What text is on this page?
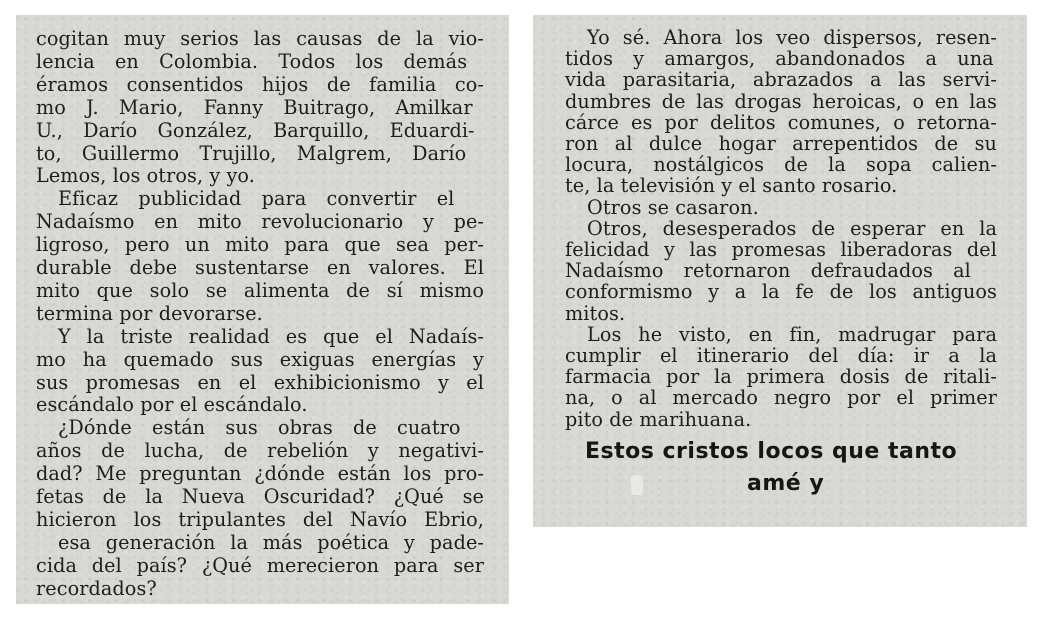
cogitan muy serios las causas de la vio-
lencia en Colombia. Todos los demás
éramos consentidos hijos de familia co-
mo J. Mario, Fanny Buitrago, Amilkar
U., Darío González, Barquillo, Eduardi-
to, Guillermo Trujillo, Malgrem, Darío
Lemos, los otros, y yo.
Eficaz publicidad para convertir el
Nadaísmo en mito revolucionario y pe-
ligroso, pero un mito para que sea per-
durable debe sustentarse en valores. El
mito que solo se alimenta de sí mismo
termina por devorarse.
Y la triste realidad es que el Nadaís-
mo ha quemado sus exiguas energías y
sus promesas en el exhibicionismo y el
escándalo por el escándalo.
¿Dónde están sus obras de cuatro
años de lucha, de rebelión y negativi-
dad? Me preguntan ¿dónde están los pro-
fetas de la Nueva Oscuridad? ¿Qué se
hicieron los tripulantes del Navío Ebrio,
esa generación la más poética y pade-
cida del país? ¿Qué merecieron para ser
recordados?
Yo sé. Ahora los veo dispersos, resen-
tidos y amargos, abandonados a una
vida parasitaria, abrazados a las servi-
dumbres de las drogas heroicas, o en las
cárce es por delitos comunes, o retorna-
ron al dulce hogar arrepentidos de su
locura, nostálgicos de la sopa calien-
te, la televisión y el santo rosario.
Otros se casaron.
Otros, desesperados de esperar en la
felicidad y las promesas liberadoras del
Nadaísmo retornaron defraudados al
conformismo y a la fe de los antiguos
mitos.
Los he visto, en fin, madrugar para
cumplir el itinerario del día: ir a la
farmacia por la primera dosis de ritali-
na, o al mercado negro por el primer
pito de marihuana.
Estos cristos locos que tanto
amé y
